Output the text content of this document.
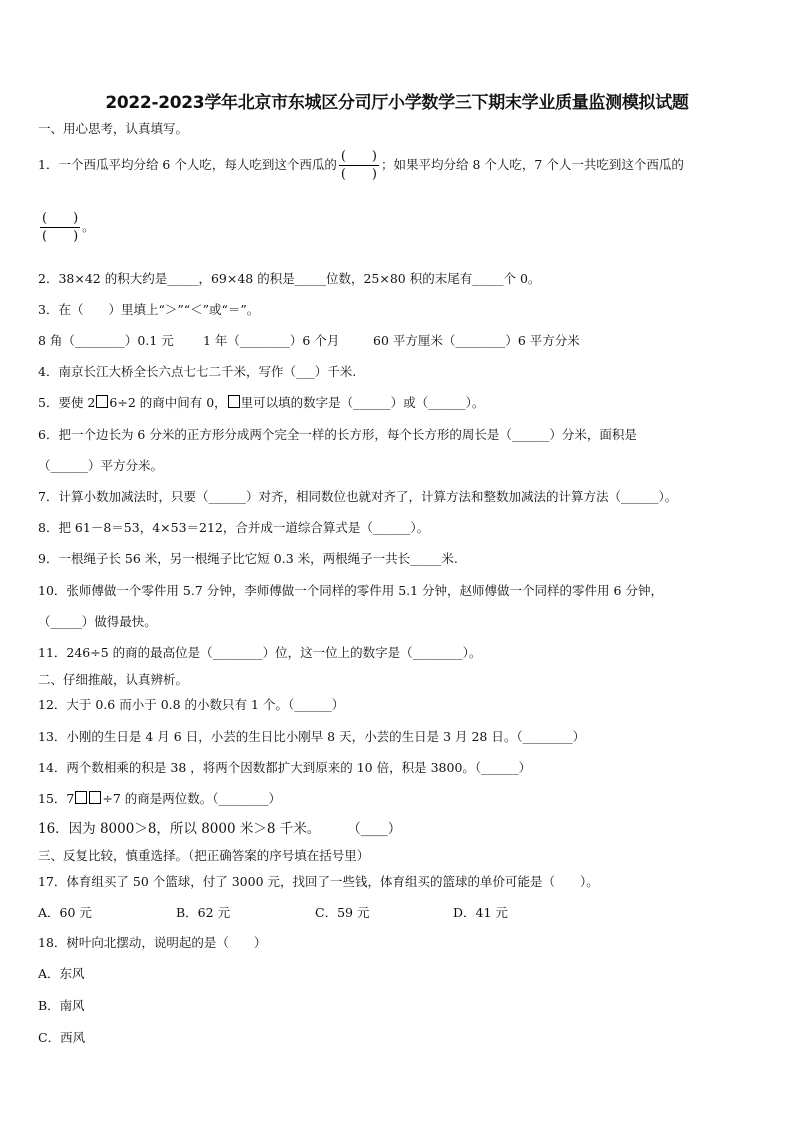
2022-2023学年北京市东城区分司厅小学数学三下期末学业质量监测模拟试题
一、用心思考，认真填写。
1．一个西瓜平均分给 6 个人吃，每人吃到这个西瓜的 $\frac{( )}{( )}$ ；如果平均分给 8 个人吃，7 个人一共吃到这个西瓜的
$\frac{( )}{( )}$ 。
2．38×42 的积大约是_____，69×48 的积是_____位数，25×80 积的末尾有_____个 0。
3．在（　　）里填上“＞”“＜”或“＝”。
8 角（________）0.1 元 1 年（________）6 个月	60 平方厘米（________）6 平方分米
4．南京长江大桥全长六点七七二千米，写作（___）千米.
5．要使 2 6÷2 的商中间有 0， 里可以填的数字是（______）或（______）。
6．把一个边长为 6 分米的正方形分成两个完全一样的长方形，每个长方形的周长是（______）分米，面积是
（______）平方分米。
7．计算小数加减法时，只要（______）对齐，相同数位也就对齐了，计算方法和整数加减法的计算方法（______）。
8．把 61－8＝53，4×53＝212，合并成一道综合算式是（______）。
9．一根绳子长 56 米，另一根绳子比它短 0.3 米，两根绳子一共长_____米.
10．张师傅做一个零件用 5.7 分钟，李师傅做一个同样的零件用 5.1 分钟，赵师傅做一个同样的零件用 6 分钟，
（_____）做得最快。
11．246÷5 的商的最高位是（________）位，这一位上的数字是（________）。
二、仔细推敲，认真辨析。
12．大于 0.6 而小于 0.8 的小数只有 1 个。（______）
13．小刚的生日是 4 月 6 日，小芸的生日比小刚早 8 天，小芸的生日是 3 月 28 日。（________）
14．两个数相乘的积是 38 ，将两个因数都扩大到原来的 10 倍，积是 3800。（______）
15．7 ÷7 的商是两位数。（________）
16．因为 8000＞8，所以 8000 米＞8 千米。　　　（____）
三、反复比较，慎重选择。（把正确答案的序号填在括号里）
17．体育组买了 50 个篮球，付了 3000 元，找回了一些钱，体育组买的篮球的单价可能是（　　）。
A．60 元	B．62 元	C．59 元	D．41 元
18．树叶向北摆动，说明起的是（　　）
A．东风
B．南风
C．西风
